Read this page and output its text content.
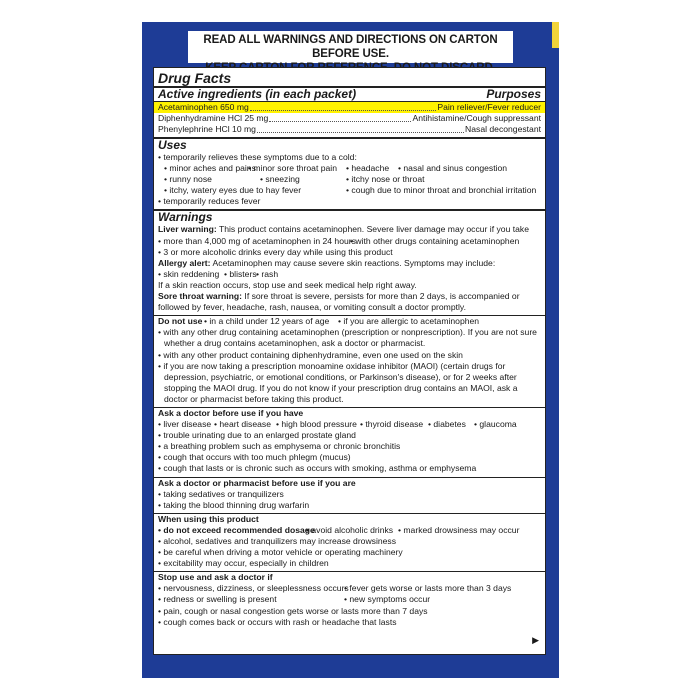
READ ALL WARNINGS AND DIRECTIONS ON CARTON BEFORE USE.
Drug Facts
Active ingredients (in each packet)	Purposes
Acetaminophen 650 mg	Pain reliever/Fever reducer
Diphenhydramine HCl 25 mg	Antihistamine/Cough suppressant
Phenylephrine HCl 10 mg	Nasal decongestant
Uses
• temporarily relieves these symptoms due to a cold:
• minor aches and pains
• minor sore throat pain	• headache	• nasal and sinus congestion
• runny nose	• sneezing	• itchy nose or throat
• itchy, watery eyes due to hay fever	• cough due to minor throat and bronchial irritation
• temporarily reduces fever
Warnings
Liver warning: This product contains acetaminophen. Severe liver damage may occur if you take
• more than 4,000 mg of acetaminophen in 24 hours
• with other drugs containing acetaminophen
• 3 or more alcoholic drinks every day while using this product
Allergy alert: Acetaminophen may cause severe skin reactions. Symptoms may include:
• skin reddening • blisters • rash
If a skin reaction occurs, stop use and seek medical help right away.
Sore throat warning: If sore throat is severe, persists for more than 2 days, is accompanied or followed by fever, headache, rash, nausea, or vomiting consult a doctor promptly.
Do not use • in a child under 12 years of age	• if you are allergic to acetaminophen
• with any other drug containing acetaminophen (prescription or nonprescription). If you are not sure whether a drug contains acetaminophen, ask a doctor or pharmacist.
• with any other product containing diphenhydramine, even one used on the skin
• if you are now taking a prescription monoamine oxidase inhibitor (MAOI) (certain drugs for depression, psychiatric, or emotional conditions, or Parkinson's disease), or for 2 weeks after stopping the MAOI drug. If you do not know if your prescription drug contains an MAOI, ask a doctor or pharmacist before taking this product.
Ask a doctor before use if you have
• liver disease • heart disease • high blood pressure • thyroid disease • diabetes • glaucoma
• trouble urinating due to an enlarged prostate gland
• a breathing problem such as emphysema or chronic bronchitis
• cough that occurs with too much phlegm (mucus)
• cough that lasts or is chronic such as occurs with smoking, asthma or emphysema
Ask a doctor or pharmacist before use if you are
• taking sedatives or tranquilizers
• taking the blood thinning drug warfarin
When using this product
• do not exceed recommended dosage
• avoid alcoholic drinks • marked drowsiness may occur
• alcohol, sedatives and tranquilizers may increase drowsiness
• be careful when driving a motor vehicle or operating machinery
• excitability may occur, especially in children
Stop use and ask a doctor if
• nervousness, dizziness, or sleeplessness occurs
• fever gets worse or lasts more than 3 days
• redness or swelling is present	• new symptoms occur
• pain, cough or nasal congestion gets worse or lasts more than 7 days
• cough comes back or occurs with rash or headache that lasts
▶
